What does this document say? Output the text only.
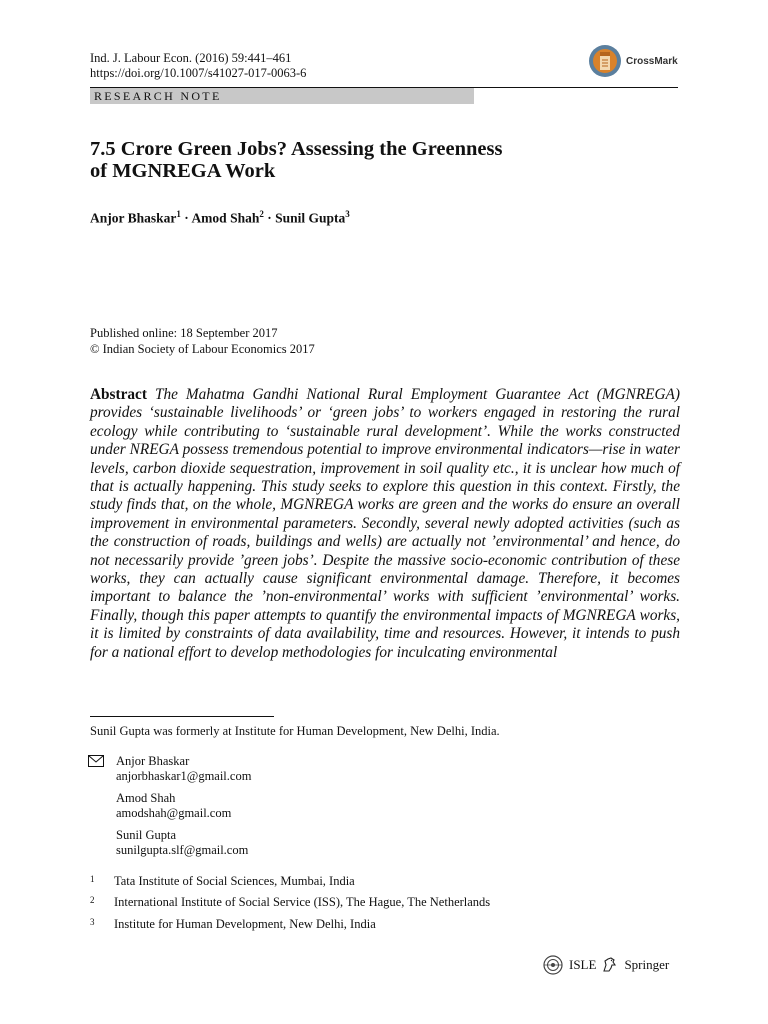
Ind. J. Labour Econ. (2016) 59:441–461
https://doi.org/10.1007/s41027-017-0063-6
CrossMark
RESEARCH NOTE
7.5 Crore Green Jobs? Assessing the Greenness
of MGNREGA Work
Anjor Bhaskar$^1$ · Amod Shah$^2$ · Sunil Gupta$^3$
Published online: 18 September 2017
© Indian Society of Labour Economics 2017
Abstract The Mahatma Gandhi National Rural Employment Guarantee Act (MGNREGA) provides ‘sustainable livelihoods’ or ‘green jobs’ to workers engaged in restoring the rural ecology while contributing to ‘sustainable rural development’. While the works constructed under NREGA possess tremendous potential to improve environmental indicators—rise in water levels, carbon dioxide sequestration, improvement in soil quality etc., it is unclear how much of that is actually happening. This study seeks to explore this question in this context. Firstly, the study finds that, on the whole, MGNREGA works are green and the works do ensure an overall improvement in environmental parameters. Secondly, several newly adopted activities (such as the construction of roads, buildings and wells) are actually not ’environmental’ and hence, do not necessarily provide ’green jobs’. Despite the massive socio-economic contribution of these works, they can actually cause significant environmental damage. Therefore, it becomes important to balance the ’non-environmental’ works with sufficient ’environmental’ works. Finally, though this paper attempts to quantify the environmental impacts of MGNREGA works, it is limited by constraints of data availability, time and resources. However, it intends to push for a national effort to develop methodologies for inculcating environmental
Sunil Gupta was formerly at Institute for Human Development, New Delhi, India.
Anjor Bhaskar
anjorbhaskar1@gmail.com
Amod Shah
amodshah@gmail.com
Sunil Gupta
sunilgupta.slf@gmail.com
1 Tata Institute of Social Sciences, Mumbai, India
2 International Institute of Social Service (ISS), The Hague, The Netherlands
3 Institute for Human Development, New Delhi, India
ISLE Springer
